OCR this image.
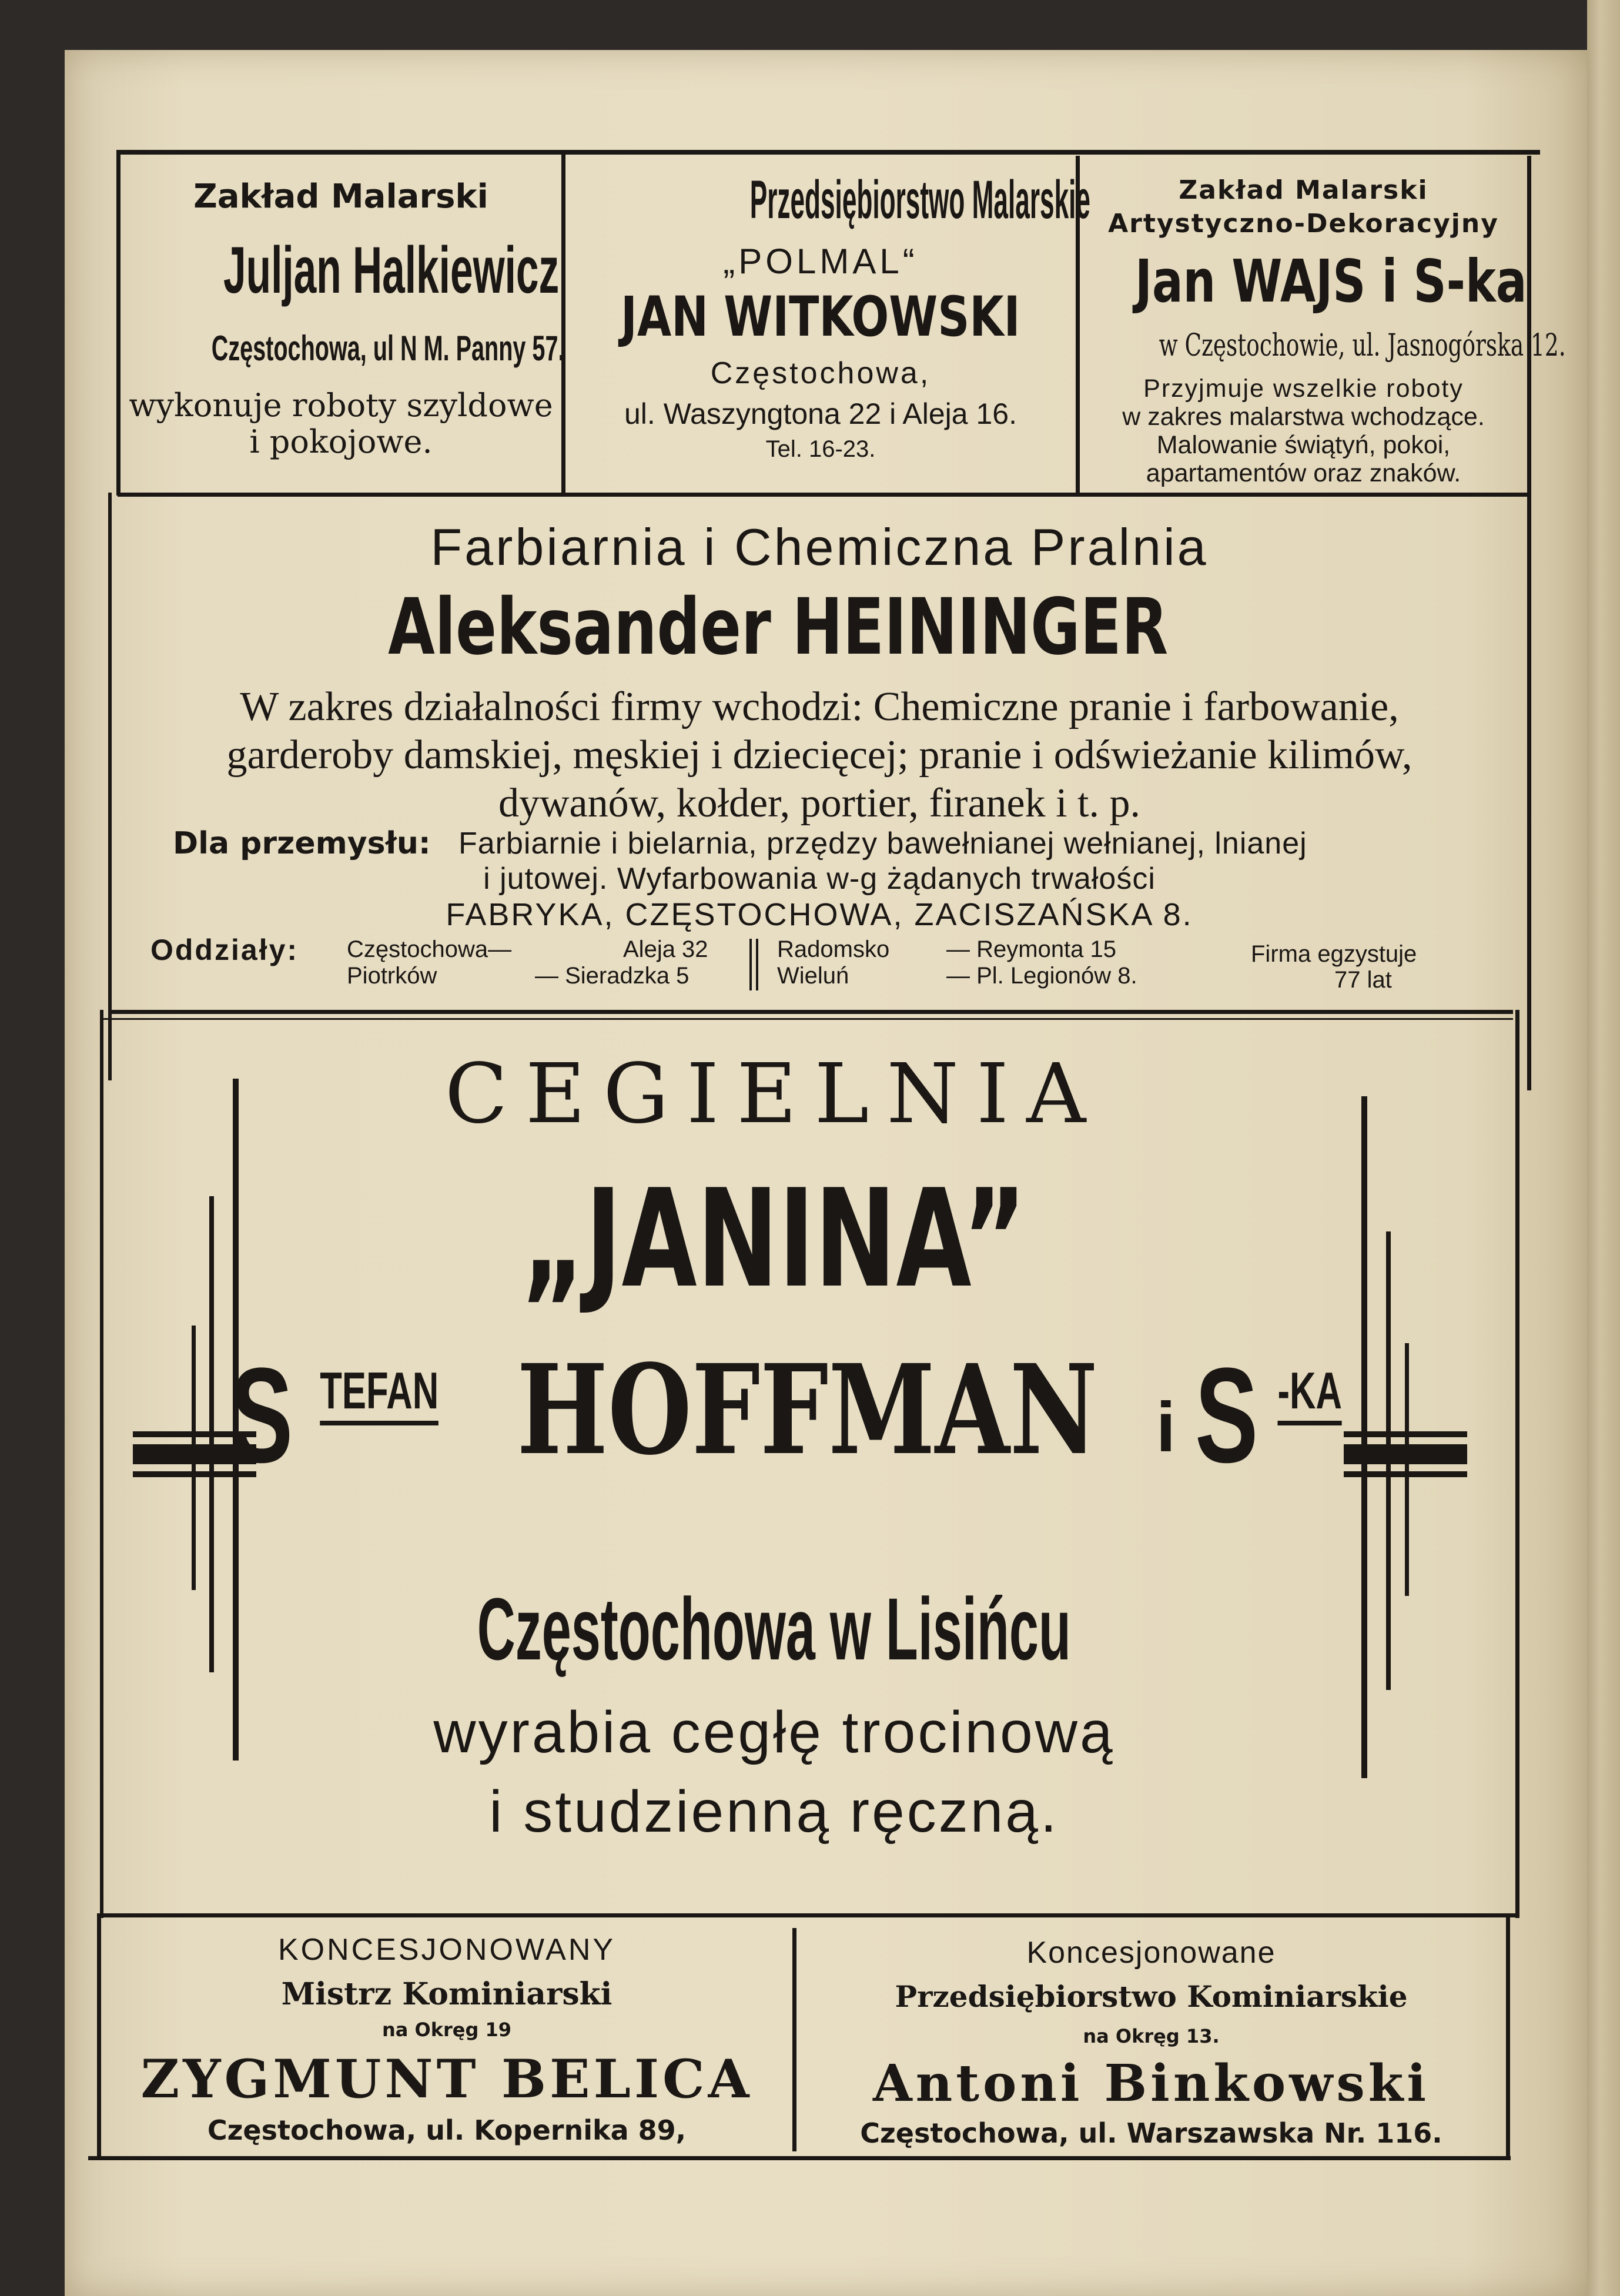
Zakład Malarski
Juljan Halkiewicz
Częstochowa, ul N M. Panny 57.
wykonuje roboty szyldowe
i pokojowe.
Przedsiębiorstwo Malarskie
„POLMAL“
JAN WITKOWSKI
Częstochowa,
ul. Waszyngtona 22 i Aleja 16.
Tel. 16-23.
Zakład Malarski
Artystyczno-Dekoracyjny
Jan WAJS i S-ka
w Częstochowie, ul. Jasnogórska 12.
Przyjmuje wszelkie roboty
w zakres malarstwa wchodzące.
Malowanie świątyń, pokoi,
apartamentów oraz znaków.
Farbiarnia i Chemiczna Pralnia
Aleksander HEININGER
W zakres działalności firmy wchodzi: Chemiczne pranie i farbowanie,
garderoby damskiej, męskiej i dziecięcej; pranie i odświeżanie kilimów,
dywanów, kołder, portier, firanek i t. p.
Dla przemysłu: Farbiarnie i bielarnia, przędzy bawełnianej wełnianej, lnianej
i jutowej. Wyfarbowania w-g żądanych trwałości
FABRYKA, CZĘSTOCHOWA, ZACISZAŃSKA 8.
Oddziały: Częstochowa—	Aleja 32
Piotrków	— Sieradzka 5
Radomsko — Reymonta 15
Wieluń	— Pl. Legionów 8.
Firma egzystuje
77 lat
CEGIELNIA
„JANINA”
S TEFAN HOFFMAN i S -KA
Częstochowa w Lisińcu
wyrabia cegłę trocinową
i studzienną ręczną.
KONCESJONOWANY
Mistrz Kominiarski
na Okręg 19
ZYGMUNT BELICA
Częstochowa, ul. Kopernika 89,
Koncesjonowane
Przedsiębiorstwo Kominiarskie
na Okręg 13.
Antoni Binkowski
Częstochowa, ul. Warszawska Nr. 116.
